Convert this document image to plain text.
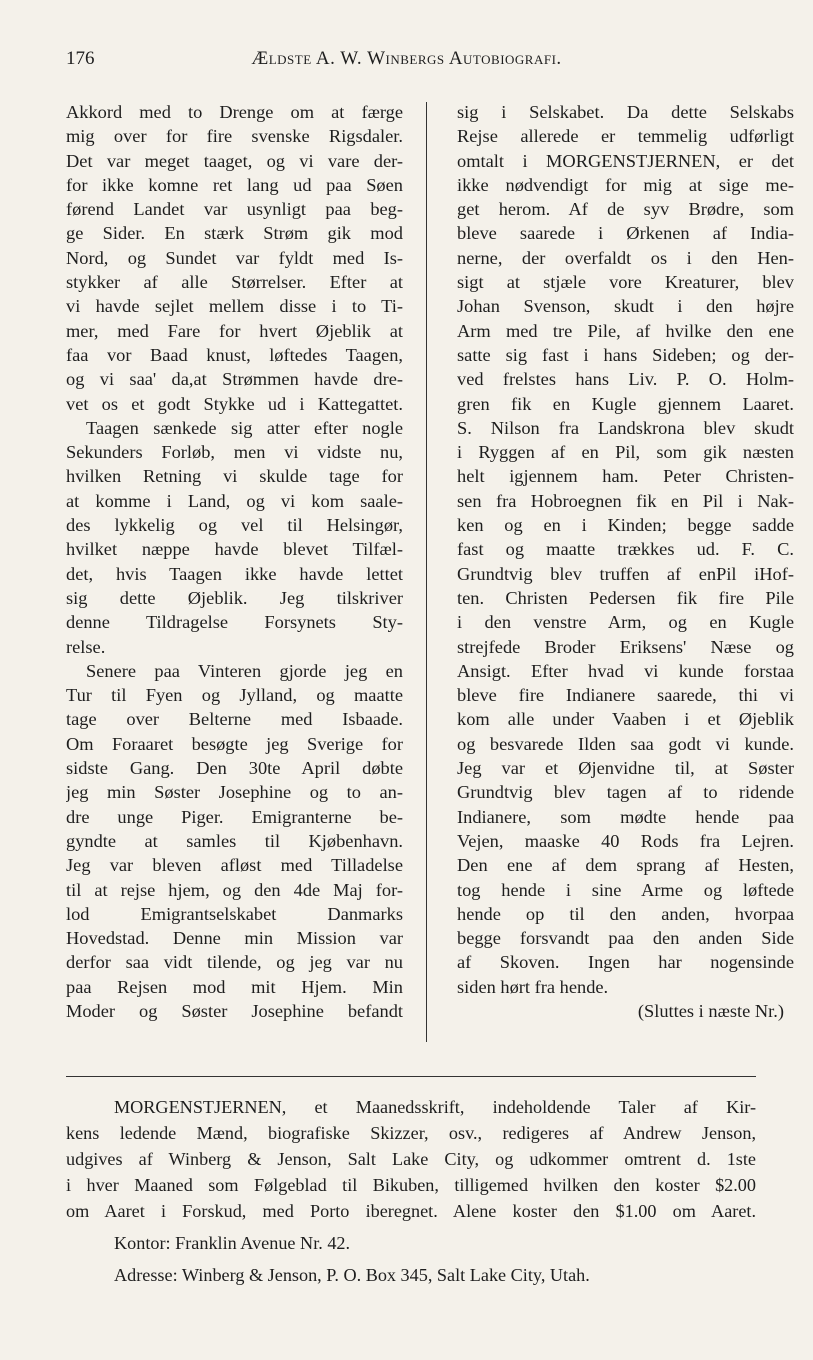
176	Ældste A. W. Winbergs Autobiografi.
Akkord med to Drenge om at færge
mig over for fire svenske Rigsdaler.
Det var meget taaget, og vi vare der-
for ikke komne ret lang ud paa Søen
førend Landet var usynligt paa beg-
ge Sider. En stærk Strøm gik mod
Nord, og Sundet var fyldt med Is-
stykker af alle Størrelser. Efter at
vi havde sejlet mellem disse i to Ti-
mer, med Fare for hvert Øjeblik at
faa vor Baad knust, løftedes Taagen,
og vi saa' da,at Strømmen havde dre-
vet os et godt Stykke ud i Kattegattet.
Taagen sænkede sig atter efter nogle
Sekunders Forløb, men vi vidste nu,
hvilken Retning vi skulde tage for
at komme i Land, og vi kom saale-
des lykkelig og vel til Helsingør,
hvilket næppe havde blevet Tilfæl-
det, hvis Taagen ikke havde lettet
sig dette Øjeblik. Jeg tilskriver
denne Tildragelse Forsynets Sty-
relse.
Senere paa Vinteren gjorde jeg en
Tur til Fyen og Jylland, og maatte
tage over Belterne med Isbaade.
Om Foraaret besøgte jeg Sverige for
sidste Gang. Den 30te April døbte
jeg min Søster Josephine og to an-
dre unge Piger. Emigranterne be-
gyndte at samles til Kjøbenhavn.
Jeg var bleven afløst med Tilladelse
til at rejse hjem, og den 4de Maj for-
lod Emigrantselskabet Danmarks
Hovedstad. Denne min Mission var
derfor saa vidt tilende, og jeg var nu
paa Rejsen mod mit Hjem. Min
Moder og Søster Josephine befandt
sig i Selskabet. Da dette Selskabs
Rejse allerede er temmelig udførligt
omtalt i MORGENSTJERNEN, er det
ikke nødvendigt for mig at sige me-
get herom. Af de syv Brødre, som
bleve saarede i Ørkenen af India-
nerne, der overfaldt os i den Hen-
sigt at stjæle vore Kreaturer, blev
Johan Svenson, skudt i den højre
Arm med tre Pile, af hvilke den ene
satte sig fast i hans Sideben; og der-
ved frelstes hans Liv. P. O. Holm-
gren fik en Kugle gjennem Laaret.
S. Nilson fra Landskrona blev skudt
i Ryggen af en Pil, som gik næsten
helt igjennem ham. Peter Christen-
sen fra Hobroegnen fik en Pil i Nak-
ken og en i Kinden; begge sadde
fast og maatte trækkes ud. F. C.
Grundtvig blev truffen af enPil iHof-
ten. Christen Pedersen fik fire Pile
i den venstre Arm, og en Kugle
strejfede Broder Eriksens' Næse og
Ansigt. Efter hvad vi kunde forstaa
bleve fire Indianere saarede, thi vi
kom alle under Vaaben i et Øjeblik
og besvarede Ilden saa godt vi kunde.
Jeg var et Øjenvidne til, at Søster
Grundtvig blev tagen af to ridende
Indianere, som mødte hende paa
Vejen, maaske 40 Rods fra Lejren.
Den ene af dem sprang af Hesten,
tog hende i sine Arme og løftede
hende op til den anden, hvorpaa
begge forsvandt paa den anden Side
af Skoven. Ingen har nogensinde
siden hørt fra hende.
(Sluttes i næste Nr.)
MORGENSTJERNEN, et Maanedsskrift, indeholdende Taler af Kir-
kens ledende Mænd, biografiske Skizzer, osv., redigeres af Andrew Jenson,
udgives af Winberg & Jenson, Salt Lake City, og udkommer omtrent d. 1ste
i hver Maaned som Følgeblad til Bikuben, tilligemed hvilken den koster $2.00
om Aaret i Forskud, med Porto iberegnet. Alene koster den $1.00 om Aaret.
Kontor: Franklin Avenue Nr. 42.
Adresse: Winberg & Jenson, P. O. Box 345, Salt Lake City, Utah.
